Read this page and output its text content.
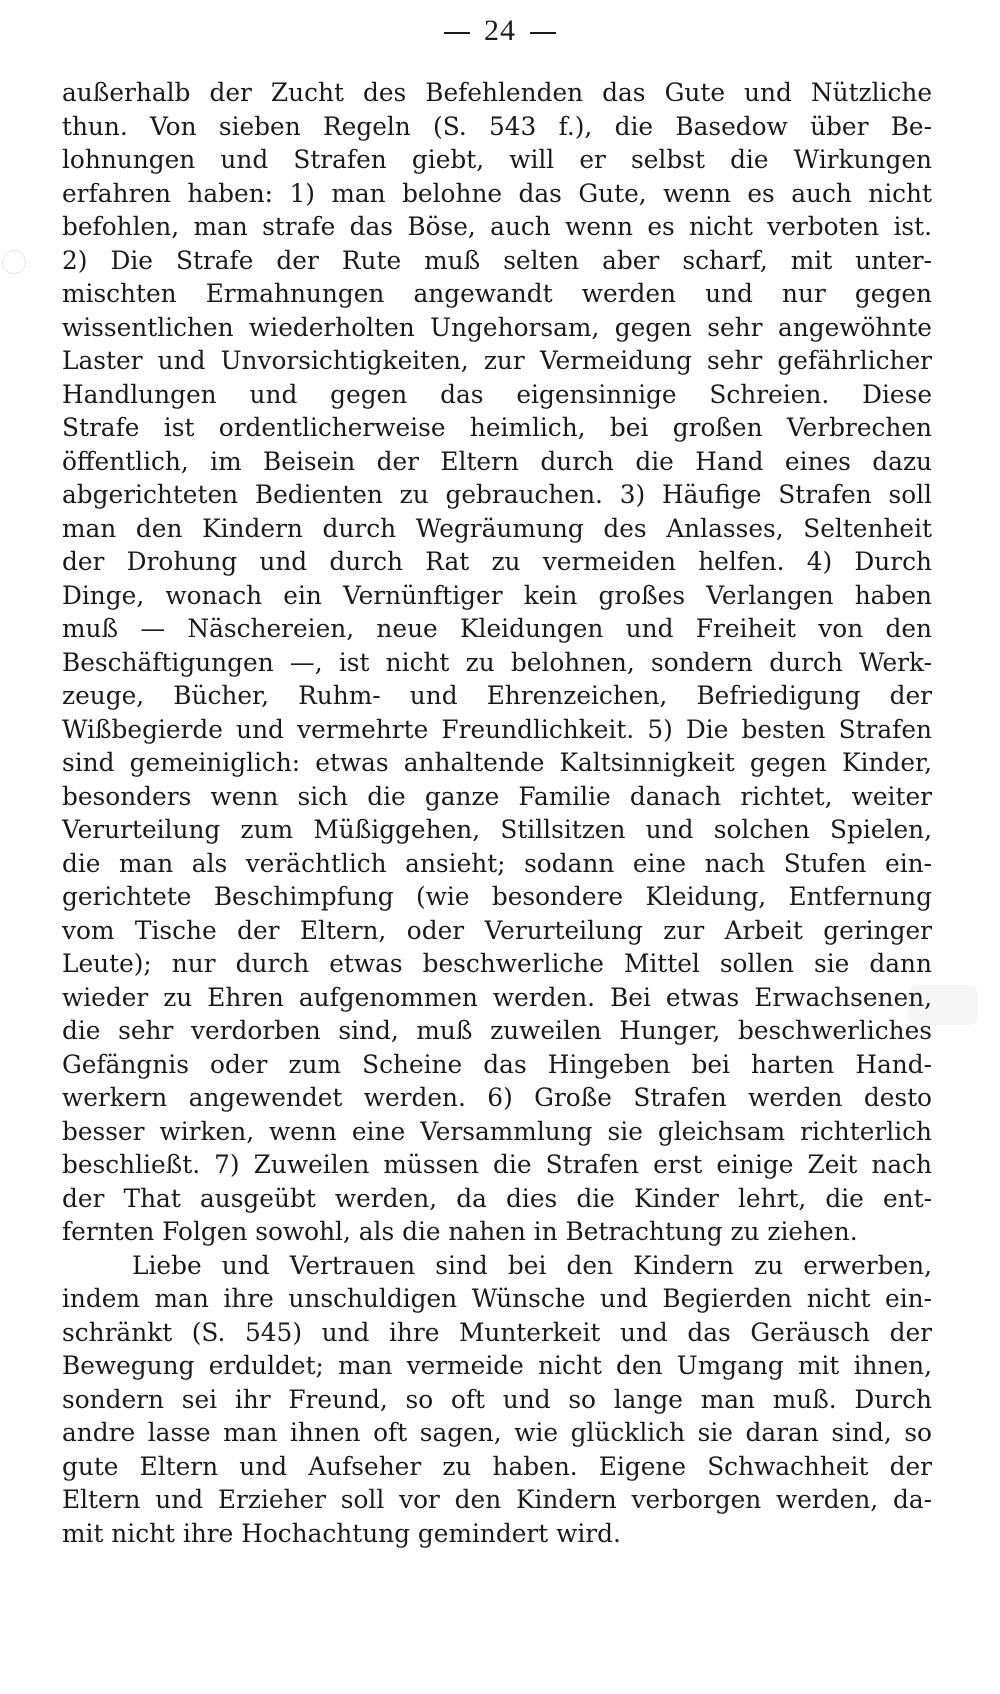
24
außerhalb der Zucht des Befehlenden das Gute und Nützliche
thun. Von sieben Regeln (S. 543 f.), die Basedow über Be-
lohnungen und Strafen giebt, will er selbst die Wirkungen
erfahren haben: 1) man belohne das Gute, wenn es auch nicht
befohlen, man strafe das Böse, auch wenn es nicht verboten ist.
2) Die Strafe der Rute muß selten aber scharf, mit unter-
mischten Ermahnungen angewandt werden und nur gegen
wissentlichen wiederholten Ungehorsam, gegen sehr angewöhnte
Laster und Unvorsichtigkeiten, zur Vermeidung sehr gefährlicher
Handlungen und gegen das eigensinnige Schreien. Diese
Strafe ist ordentlicherweise heimlich, bei großen Verbrechen
öffentlich, im Beisein der Eltern durch die Hand eines dazu
abgerichteten Bedienten zu gebrauchen. 3) Häufige Strafen soll
man den Kindern durch Wegräumung des Anlasses, Seltenheit
der Drohung und durch Rat zu vermeiden helfen. 4) Durch
Dinge, wonach ein Vernünftiger kein großes Verlangen haben
muß — Näschereien, neue Kleidungen und Freiheit von den
Beschäftigungen —, ist nicht zu belohnen, sondern durch Werk-
zeuge, Bücher, Ruhm- und Ehrenzeichen, Befriedigung der
Wißbegierde und vermehrte Freundlichkeit. 5) Die besten Strafen
sind gemeiniglich: etwas anhaltende Kaltsinnigkeit gegen Kinder,
besonders wenn sich die ganze Familie danach richtet, weiter
Verurteilung zum Müßiggehen, Stillsitzen und solchen Spielen,
die man als verächtlich ansieht; sodann eine nach Stufen ein-
gerichtete Beschimpfung (wie besondere Kleidung, Entfernung
vom Tische der Eltern, oder Verurteilung zur Arbeit geringer
Leute); nur durch etwas beschwerliche Mittel sollen sie dann
wieder zu Ehren aufgenommen werden. Bei etwas Erwachsenen,
die sehr verdorben sind, muß zuweilen Hunger, beschwerliches
Gefängnis oder zum Scheine das Hingeben bei harten Hand-
werkern angewendet werden. 6) Große Strafen werden desto
besser wirken, wenn eine Versammlung sie gleichsam richterlich
beschließt. 7) Zuweilen müssen die Strafen erst einige Zeit nach
der That ausgeübt werden, da dies die Kinder lehrt, die ent-
fernten Folgen sowohl, als die nahen in Betrachtung zu ziehen.
Liebe und Vertrauen sind bei den Kindern zu erwerben,
indem man ihre unschuldigen Wünsche und Begierden nicht ein-
schränkt (S. 545) und ihre Munterkeit und das Geräusch der
Bewegung erduldet; man vermeide nicht den Umgang mit ihnen,
sondern sei ihr Freund, so oft und so lange man muß. Durch
andre lasse man ihnen oft sagen, wie glücklich sie daran sind, so
gute Eltern und Aufseher zu haben. Eigene Schwachheit der
Eltern und Erzieher soll vor den Kindern verborgen werden, da-
mit nicht ihre Hochachtung gemindert wird.
